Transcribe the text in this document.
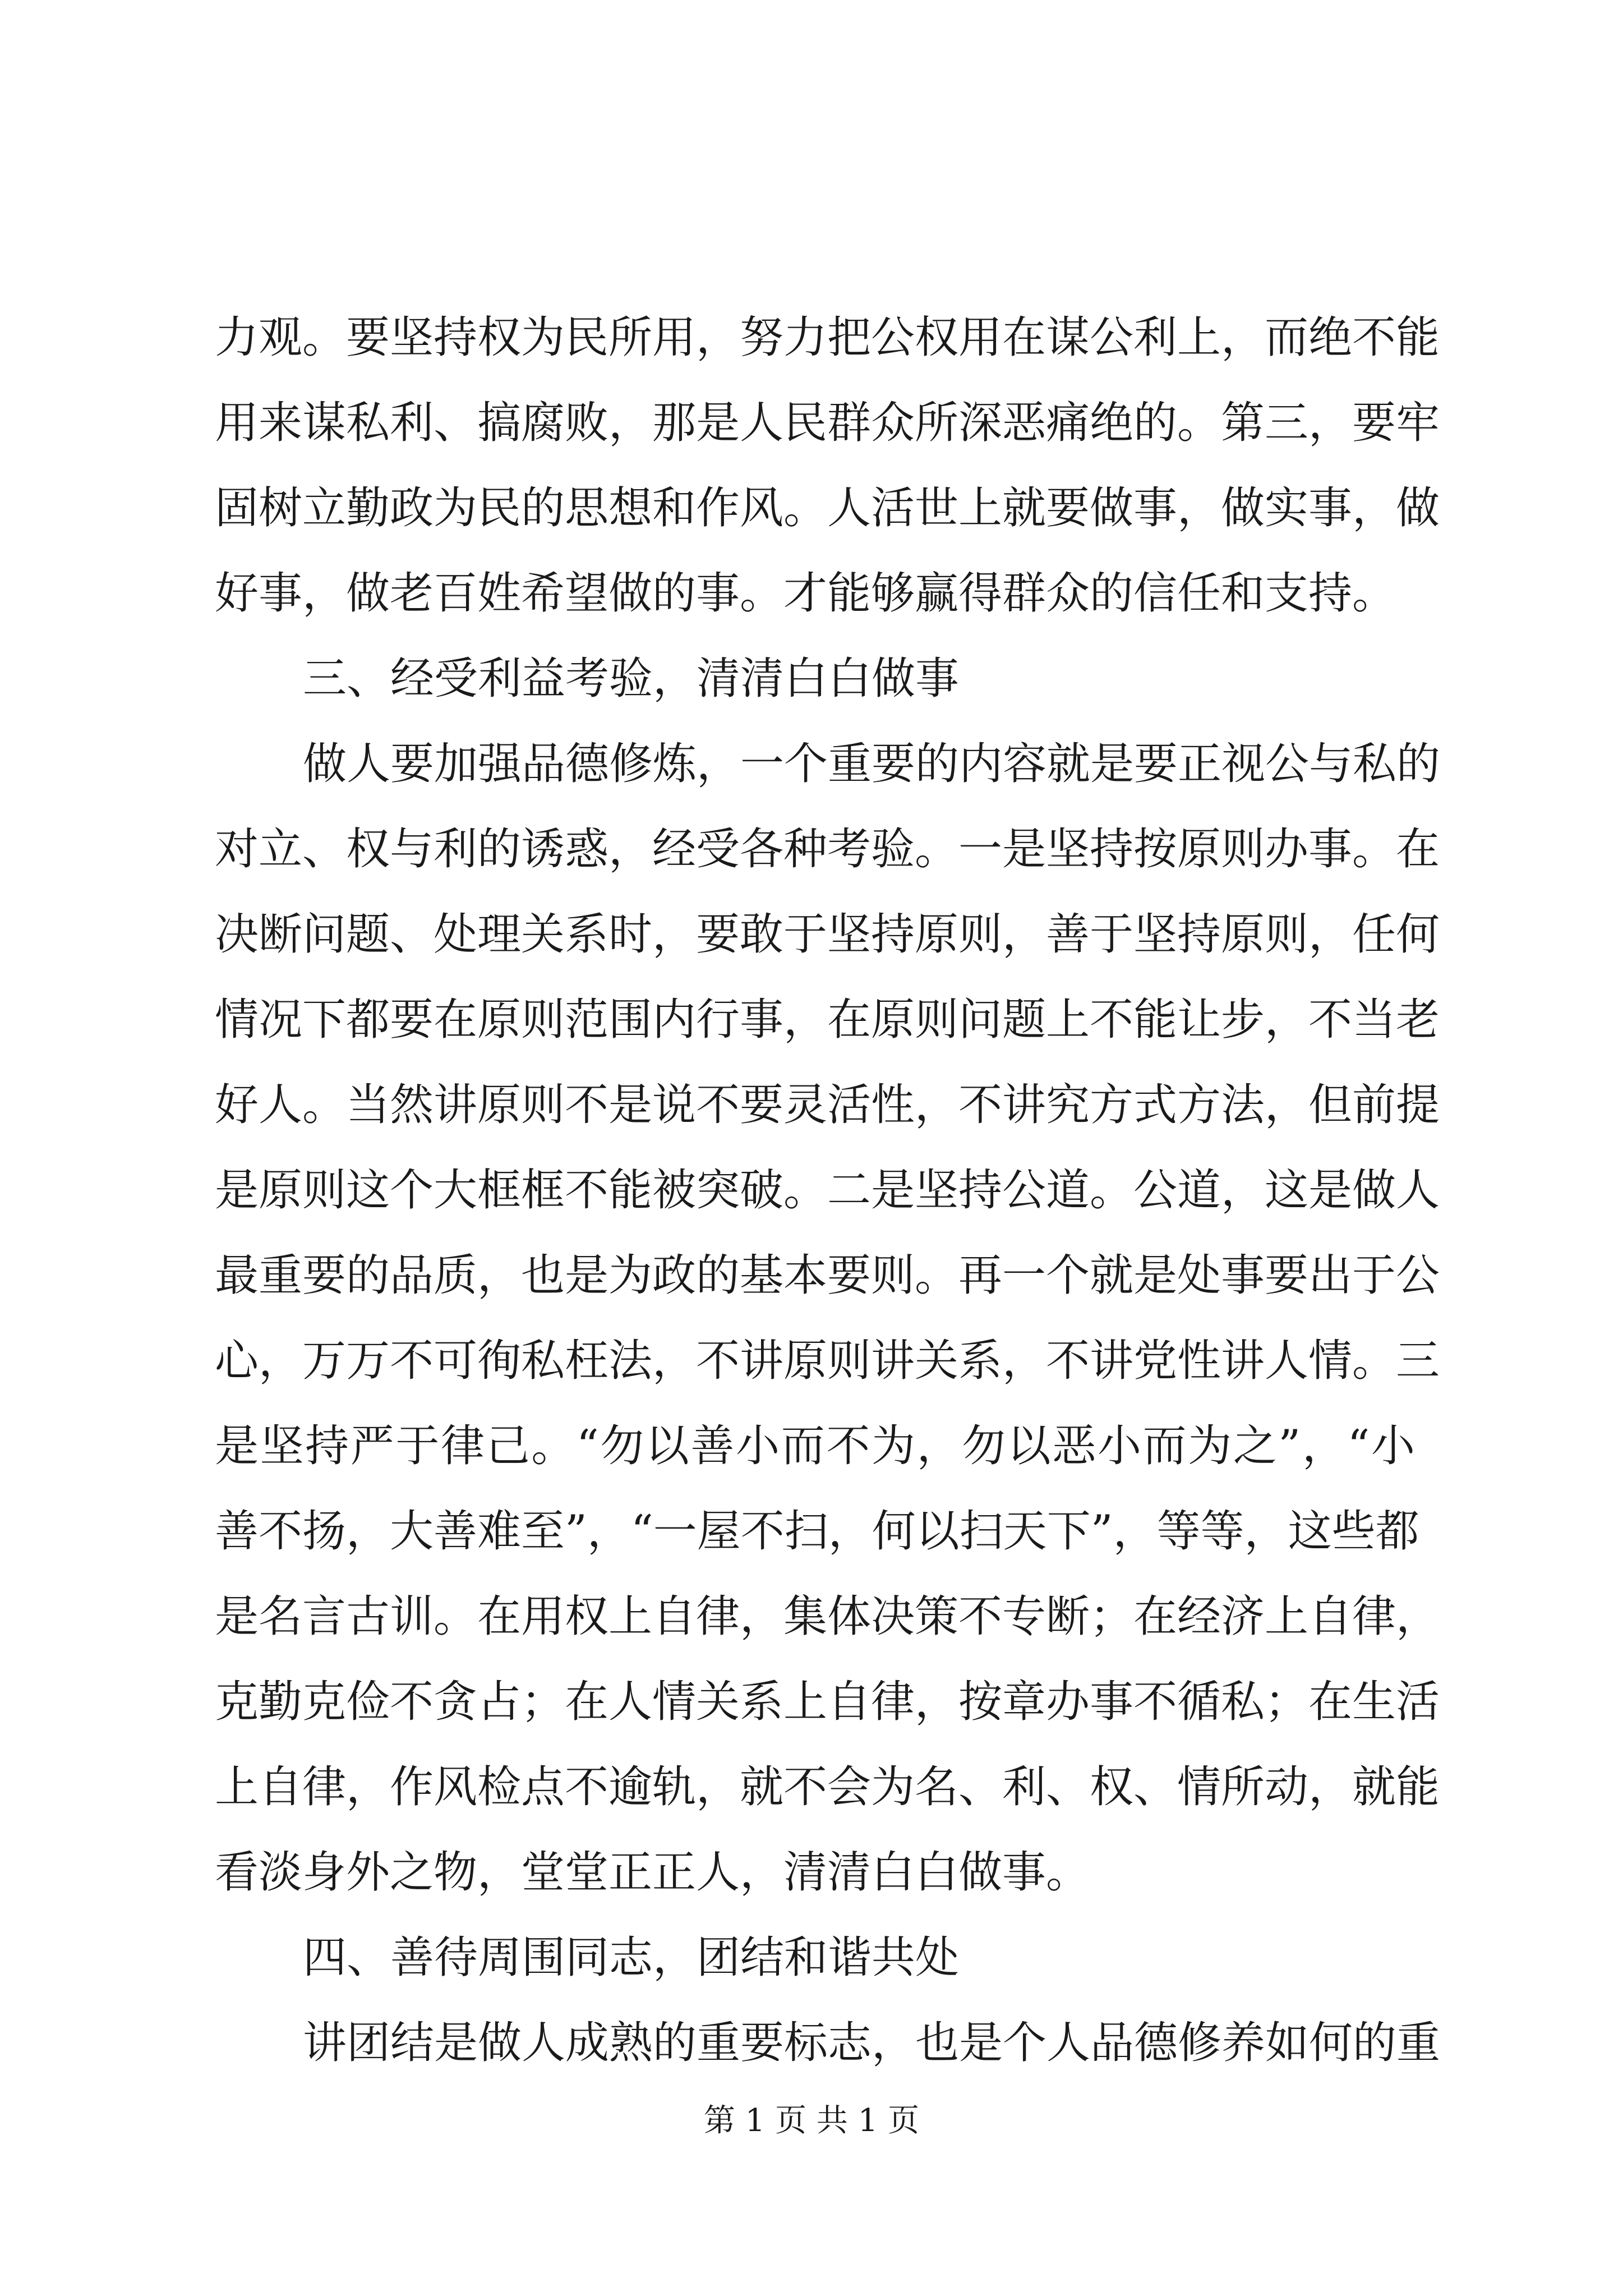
力观。要坚持权为民所用，努力把公权用在谋公利上，而绝不能
用来谋私利、搞腐败，那是人民群众所深恶痛绝的。第三，要牢
固树立勤政为民的思想和作风。人活世上就要做事，做实事，做
好事，做老百姓希望做的事。才能够赢得群众的信任和支持。
三、经受利益考验，清清白白做事
做人要加强品德修炼，一个重要的内容就是要正视公与私的
对立、权与利的诱惑，经受各种考验。一是坚持按原则办事。在
决断问题、处理关系时，要敢于坚持原则，善于坚持原则，任何
情况下都要在原则范围内行事，在原则问题上不能让步，不当老
好人。当然讲原则不是说不要灵活性，不讲究方式方法，但前提
是原则这个大框框不能被突破。二是坚持公道。公道，这是做人
最重要的品质，也是为政的基本要则。再一个就是处事要出于公
心，万万不可徇私枉法，不讲原则讲关系，不讲党性讲人情。三
是坚持严于律己。“勿以善小而不为，勿以恶小而为之”，“小
善不扬，大善难至”，“一屋不扫，何以扫天下”，等等，这些都
是名言古训。在用权上自律，集体决策不专断；在经济上自律，
克勤克俭不贪占；在人情关系上自律，按章办事不循私；在生活
上自律，作风检点不逾轨，就不会为名、利、权、情所动，就能
看淡身外之物，堂堂正正人，清清白白做事。
四、善待周围同志，团结和谐共处
讲团结是做人成熟的重要标志，也是个人品德修养如何的重
第 1 页 共 1 页
